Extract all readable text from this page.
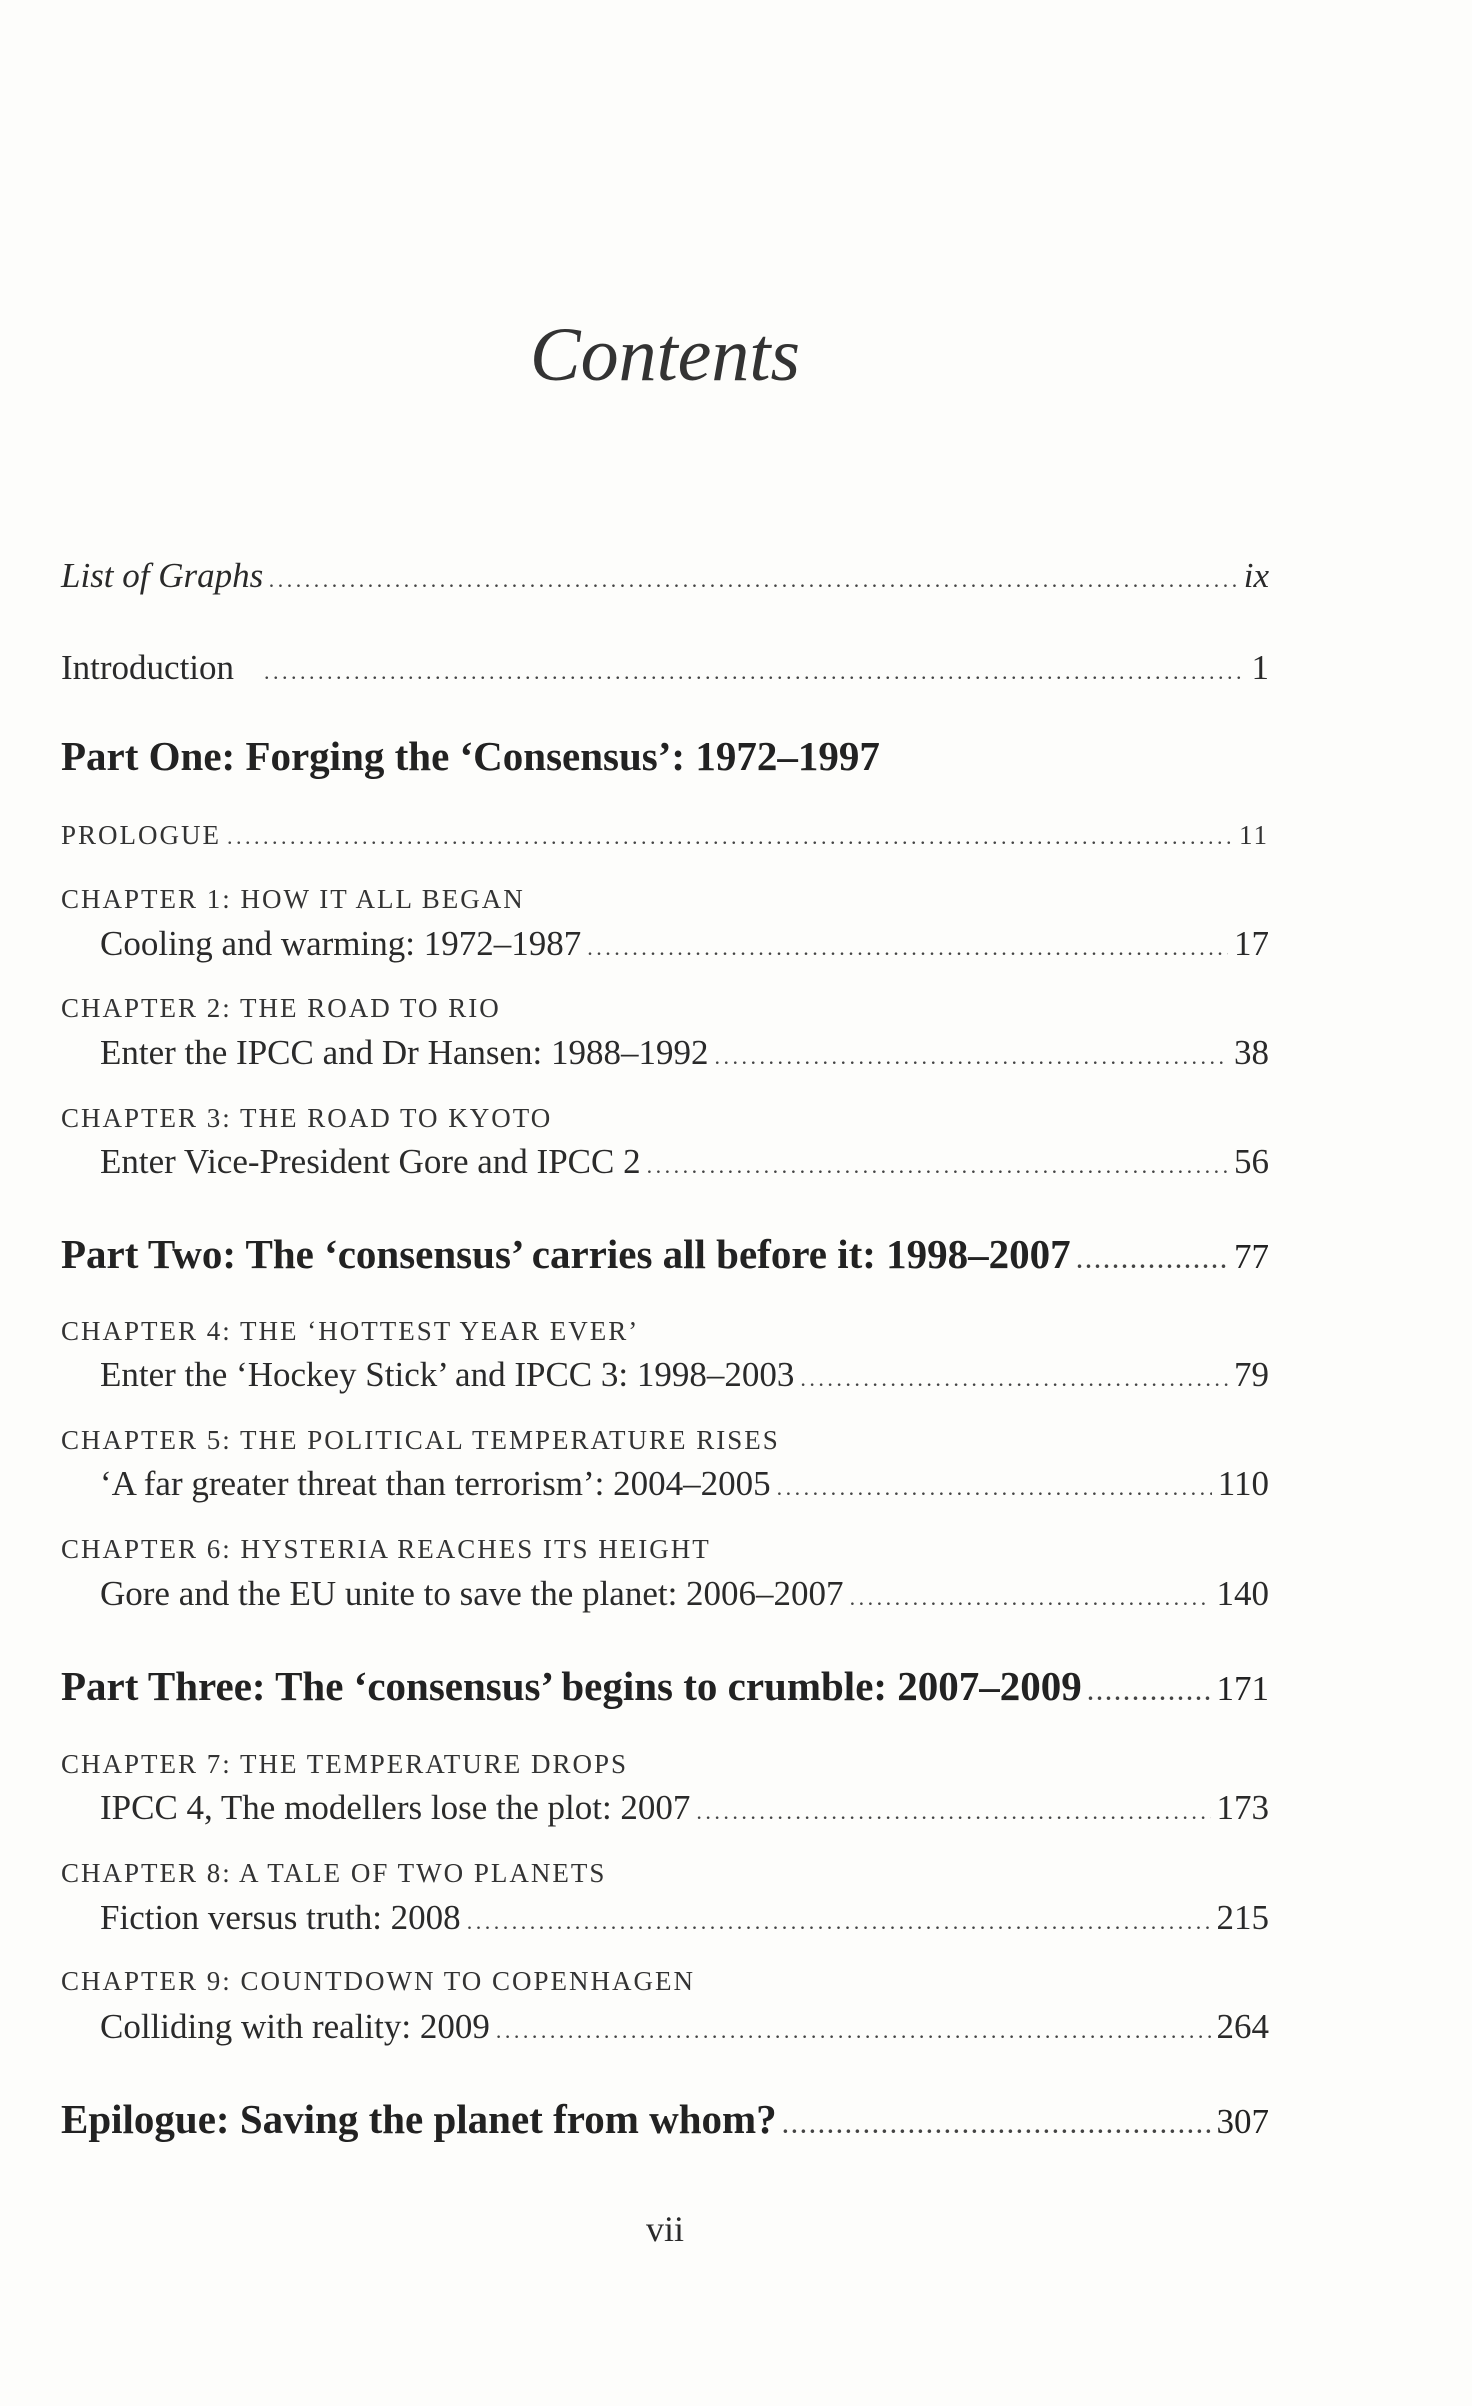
Contents
List of Graphs . . .	ix
Introduction . . .	1
Part One: Forging the ‘Consensus’: 1972–1997
PROLOGUE . . .	11
CHAPTER 1: HOW IT ALL BEGAN
Cooling and warming: 1972–1987 . . .	17
CHAPTER 2: THE ROAD TO RIO
Enter the IPCC and Dr Hansen: 1988–1992 . . .	38
CHAPTER 3: THE ROAD TO KYOTO
Enter Vice-President Gore and IPCC 2 . . .	56
Part Two: The ‘consensus’ carries all before it: 1998–2007 . . .	77
CHAPTER 4: THE ‘HOTTEST YEAR EVER’
Enter the ‘Hockey Stick’ and IPCC 3: 1998–2003 . . .	79
CHAPTER 5: THE POLITICAL TEMPERATURE RISES
‘A far greater threat than terrorism’: 2004–2005 . . .	110
CHAPTER 6: HYSTERIA REACHES ITS HEIGHT
Gore and the EU unite to save the planet: 2006–2007 . . .	140
Part Three: The ‘consensus’ begins to crumble: 2007–2009 . . .	171
CHAPTER 7: THE TEMPERATURE DROPS
IPCC 4, The modellers lose the plot: 2007 . . .	173
CHAPTER 8: A TALE OF TWO PLANETS
Fiction versus truth: 2008 . . .	215
CHAPTER 9: COUNTDOWN TO COPENHAGEN
Colliding with reality: 2009 . . .	264
Epilogue: Saving the planet from whom? . . .	307
vii
